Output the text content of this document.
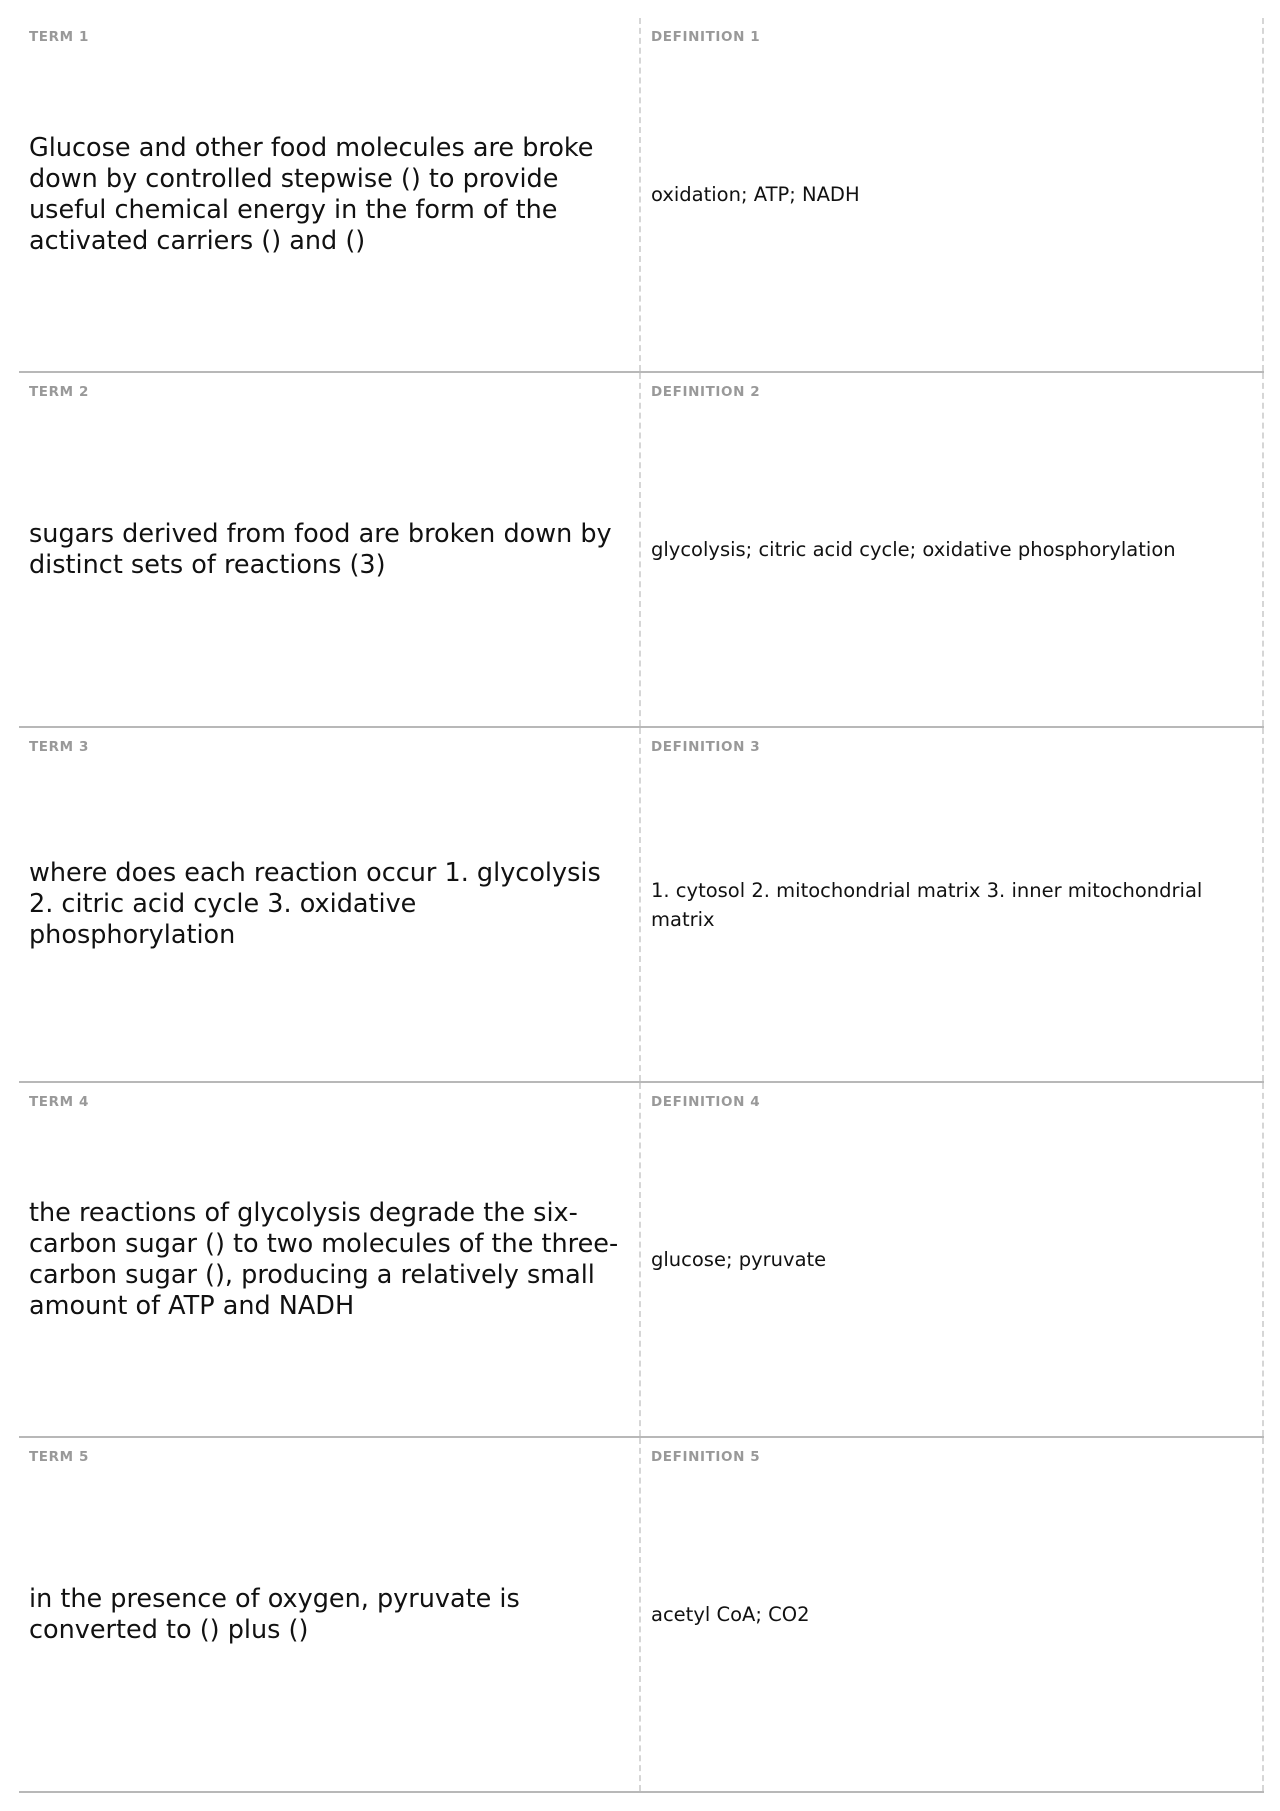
TERM 1
Glucose and other food molecules are broke down by controlled stepwise () to provide useful chemical energy in the form of the activated carriers () and ()
DEFINITION 1
oxidation; ATP; NADH
TERM 2
sugars derived from food are broken down by distinct sets of reactions (3)
DEFINITION 2
glycolysis; citric acid cycle; oxidative phosphorylation
TERM 3
where does each reaction occur 1. glycolysis 2. citric acid cycle 3. oxidative phosphorylation
DEFINITION 3
1. cytosol 2. mitochondrial matrix 3. inner mitochondrial matrix
TERM 4
the reactions of glycolysis degrade the six-carbon sugar () to two molecules of the three-carbon sugar (), producing a relatively small amount of ATP and NADH
DEFINITION 4
glucose; pyruvate
TERM 5
in the presence of oxygen, pyruvate is converted to () plus ()
DEFINITION 5
acetyl CoA; CO2
